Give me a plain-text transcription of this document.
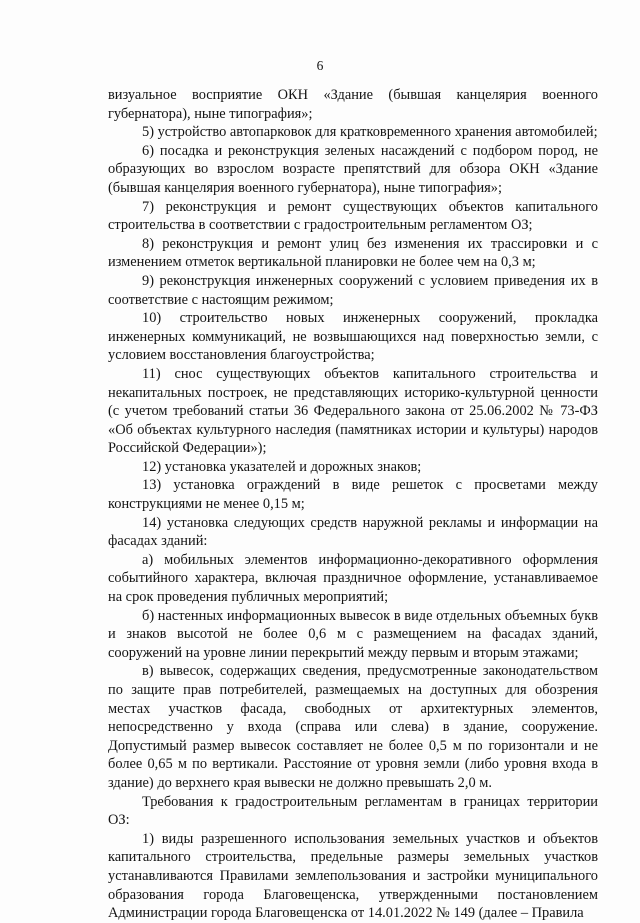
6

визуальное восприятие ОКН «Здание (бывшая канцелярия военного губернатора), ныне типография»;

5) устройство автопарковок для кратковременного хранения автомобилей;

6) посадка и реконструкция зеленых насаждений с подбором пород, не образующих во взрослом возрасте препятствий для обзора ОКН «Здание (бывшая канцелярия военного губернатора), ныне типография»;

7) реконструкция и ремонт существующих объектов капитального строительства в соответствии с градостроительным регламентом ОЗ;

8) реконструкция и ремонт улиц без изменения их трассировки и с изменением отметок вертикальной планировки не более чем на 0,3 м;

9) реконструкция инженерных сооружений с условием приведения их в соответствие с настоящим режимом;

10) строительство новых инженерных сооружений, прокладка инженерных коммуникаций, не возвышающихся над поверхностью земли, с условием восстановления благоустройства;

11) снос существующих объектов капитального строительства и некапитальных построек, не представляющих историко-культурной ценности (с учетом требований статьи 36 Федерального закона от 25.06.2002 № 73-ФЗ «Об объектах культурного наследия (памятниках истории и культуры) народов Российской Федерации»);

12) установка указателей и дорожных знаков;

13) установка ограждений в виде решеток с просветами между конструкциями не менее 0,15 м;

14) установка следующих средств наружной рекламы и информации на фасадах зданий:

а) мобильных элементов информационно-декоративного оформления событийного характера, включая праздничное оформление, устанавливаемое на срок проведения публичных мероприятий;

б) настенных информационных вывесок в виде отдельных объемных букв и знаков высотой не более 0,6 м с размещением на фасадах зданий, сооружений на уровне линии перекрытий между первым и вторым этажами;

в) вывесок, содержащих сведения, предусмотренные законодательством по защите прав потребителей, размещаемых на доступных для обозрения местах участков фасада, свободных от архитектурных элементов, непосредственно у входа (справа или слева) в здание, сооружение. Допустимый размер вывесок составляет не более 0,5 м по горизонтали и не более 0,65 м по вертикали. Расстояние от уровня земли (либо уровня входа в здание) до верхнего края вывески не должно превышать 2,0 м.

Требования к градостроительным регламентам в границах территории ОЗ:

1) виды разрешенного использования земельных участков и объектов капитального строительства, предельные размеры земельных участков устанавливаются Правилами землепользования и застройки муниципального образования города Благовещенска, утвержденными постановлением Администрации города Благовещенска от 14.01.2022 № 149 (далее – Правила
